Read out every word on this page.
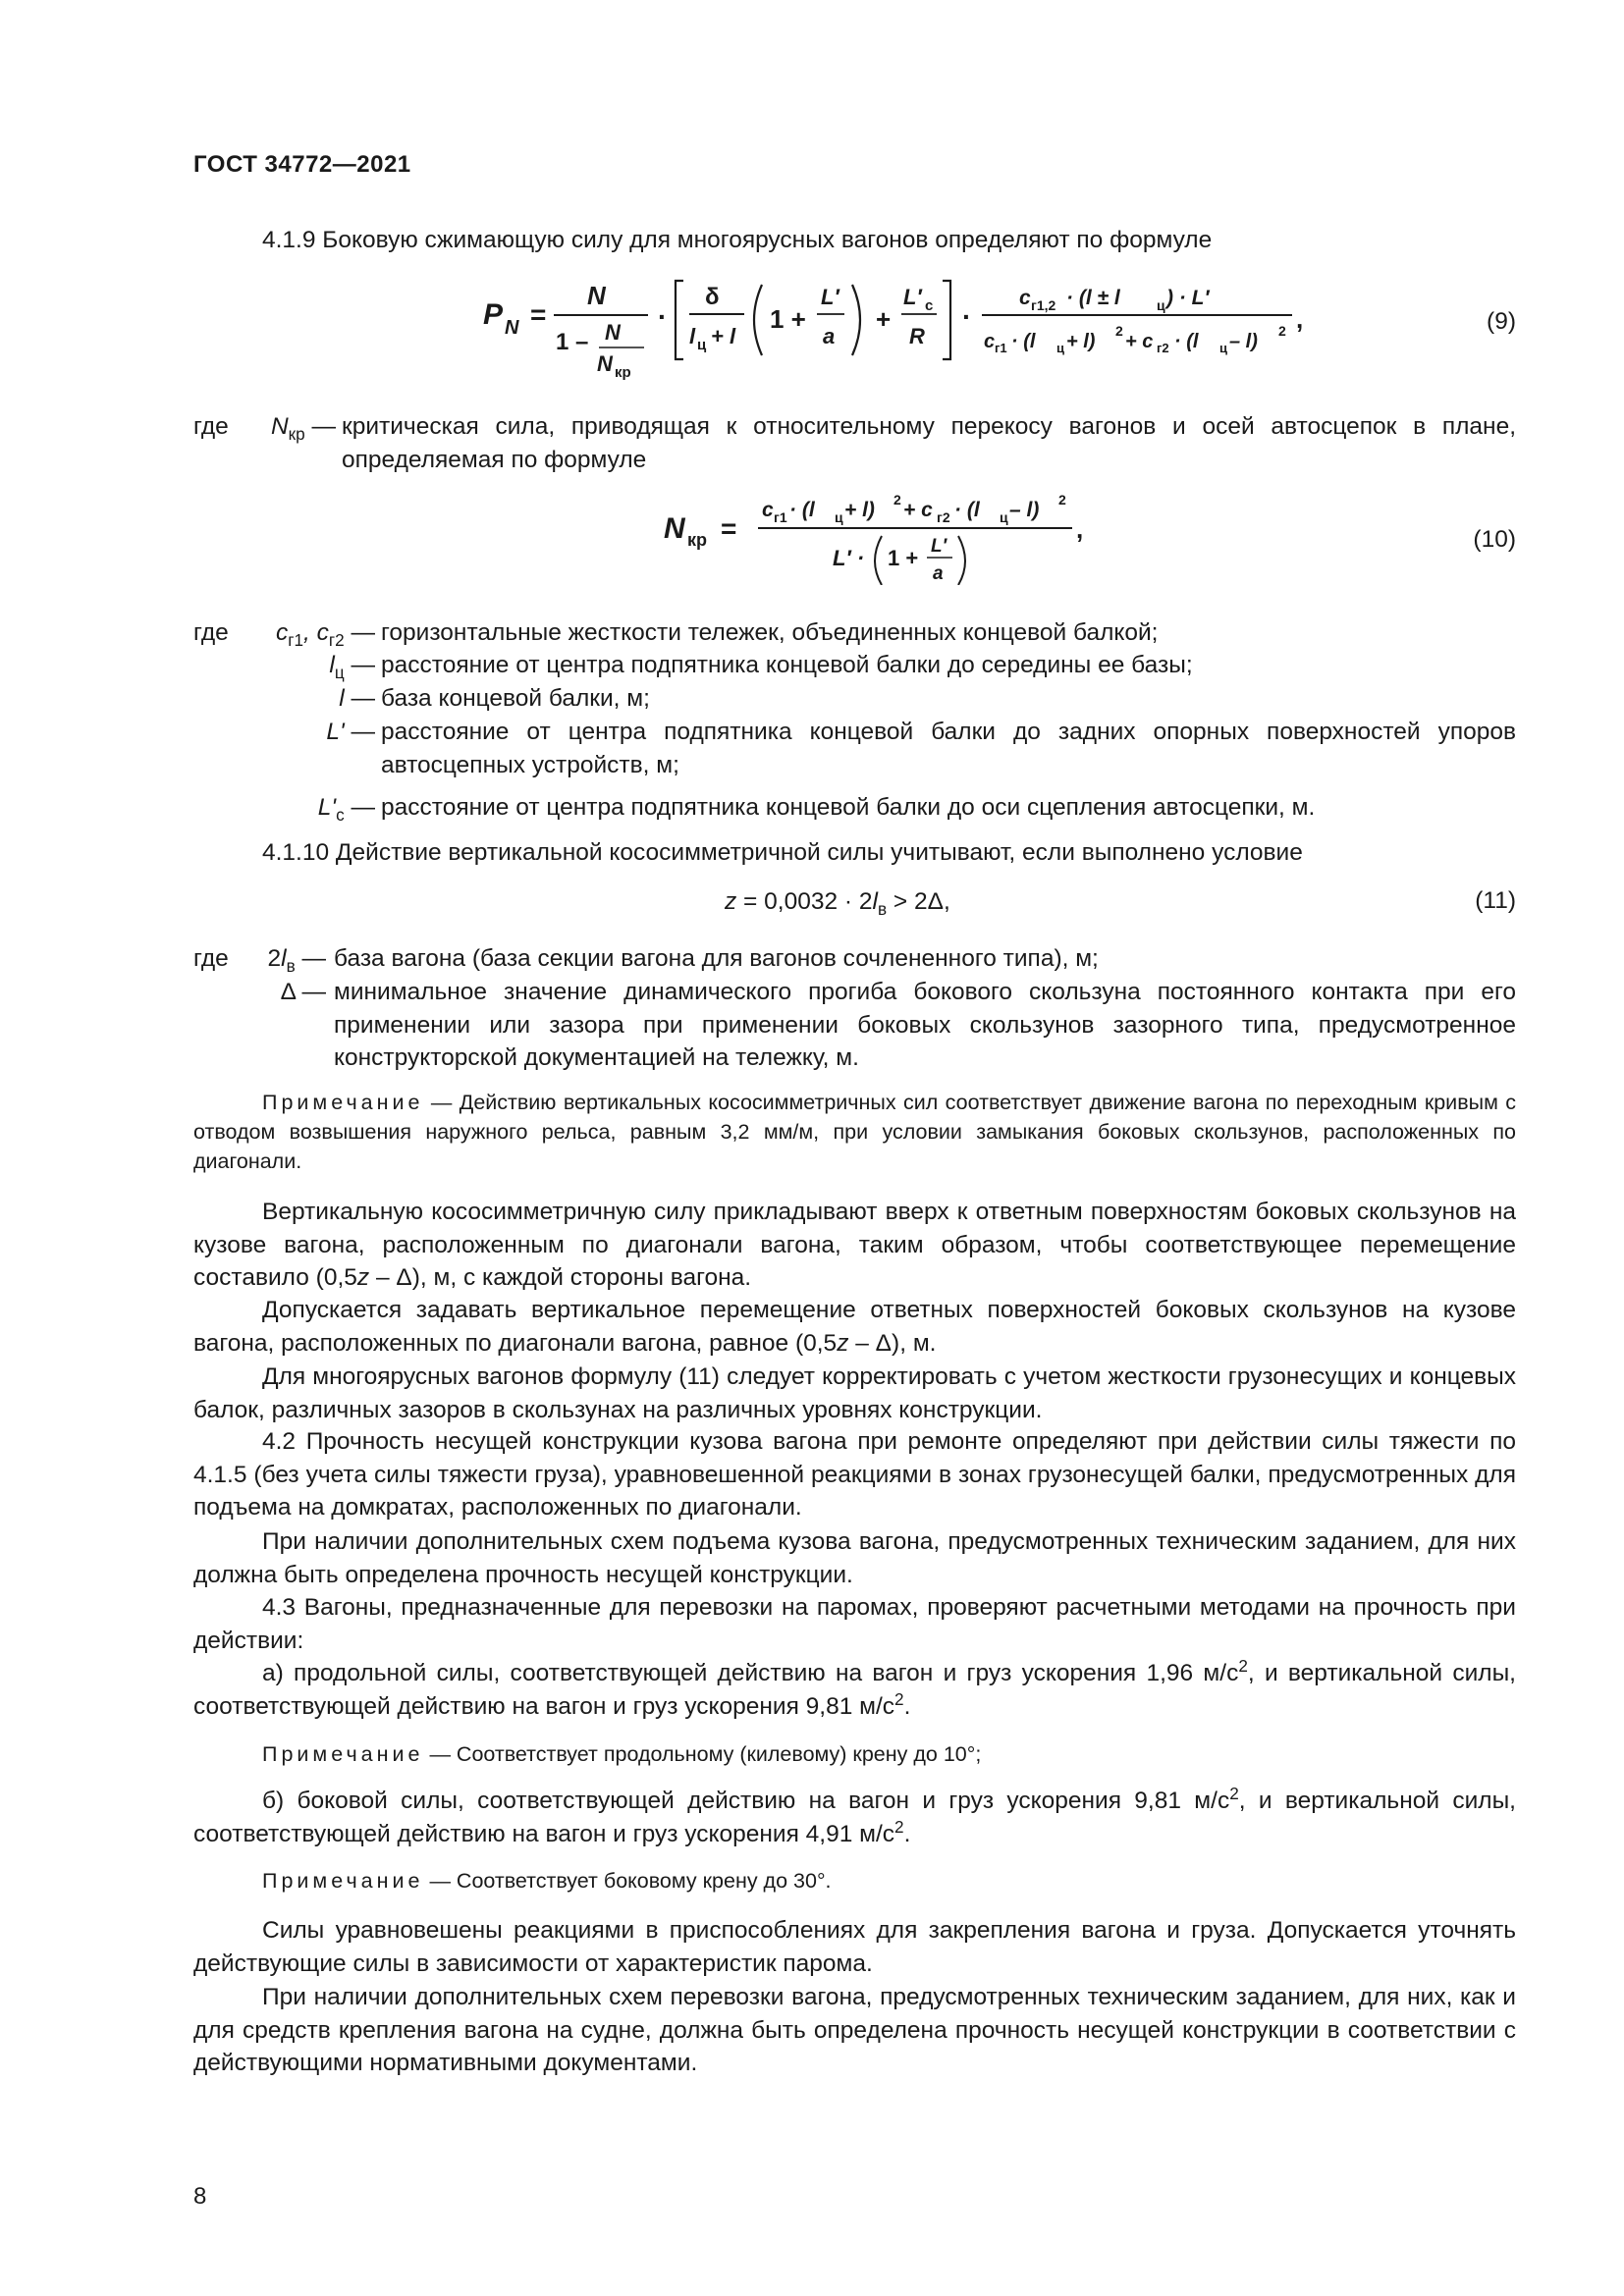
ГОСТ 34772—2021
4.1.9 Боковую сжимающую силу для многоярусных вагонов определяют по формуле
P N =
N
1 – N
N кр
·
δ
l ц + l
1 +
L′
a
+
L′ с
R
·
c г1,2 · (l ± l	ц ) · L′
c г1 · (l ц + l) 2 + c г2 · (l ц – l) 2 ,	(9)
где $N_{кр}$ — критическая сила, приводящая к относительному перекосу вагонов и осей автосцепок в плане, определяемая по формуле
N кр =
c г1 · (l ц + l) 2 + c г2 · (l ц – l) 2
L′ · 1 + L′
a
,	(10)
где $c_{г1}$, $c_{г2}$ — горизонтальные жесткости тележек, объединенных концевой балкой;
$l_ц$ — расстояние от центра подпятника концевой балки до середины ее базы;
l — база концевой балки, м;
L' — расстояние от центра подпятника концевой балки до задних опорных поверхностей упоров автосцепных устройств, м;
$L'_с$ — расстояние от центра подпятника концевой балки до оси сцепления автосцепки, м.
4.1.10 Действие вертикальной кососимметричной силы учитывают, если выполнено условие
$z = 0,0032 \cdot 2l_в > 2\Delta$,	(11)
где $2l_в$ — база вагона (база секции вагона для вагонов сочлененного типа), м;
Δ — минимальное значение динамического прогиба бокового скользуна постоянного контакта при его применении или зазора при применении боковых скользунов зазорного типа, предусмотренное конструкторской документацией на тележку, м.
Примечание — Действию вертикальных кососимметричных сил соответствует движение вагона по переходным кривым с отводом возвышения наружного рельса, равным 3,2 мм/м, при условии замыкания боковых скользунов, расположенных по диагонали.
Вертикальную кососимметричную силу прикладывают вверх к ответным поверхностям боковых скользунов на кузове вагона, расположенным по диагонали вагона, таким образом, чтобы соответствующее перемещение составило (0,5z – Δ), м, с каждой стороны вагона.
Допускается задавать вертикальное перемещение ответных поверхностей боковых скользунов на кузове вагона, расположенных по диагонали вагона, равное (0,5z – Δ), м.
Для многоярусных вагонов формулу (11) следует корректировать с учетом жесткости грузонесущих и концевых балок, различных зазоров в скользунах на различных уровнях конструкции.
4.2 Прочность несущей конструкции кузова вагона при ремонте определяют при действии силы тяжести по 4.1.5 (без учета силы тяжести груза), уравновешенной реакциями в зонах грузонесущей балки, предусмотренных для подъема на домкратах, расположенных по диагонали.
При наличии дополнительных схем подъема кузова вагона, предусмотренных техническим заданием, для них должна быть определена прочность несущей конструкции.
4.3 Вагоны, предназначенные для перевозки на паромах, проверяют расчетными методами на прочность при действии:
а) продольной силы, соответствующей действию на вагон и груз ускорения 1,96 $м/с^2$, и вертикальной силы, соответствующей действию на вагон и груз ускорения 9,81 $м/с^2$.
Примечание — Соответствует продольному (килевому) крену до 10°;
б) боковой силы, соответствующей действию на вагон и груз ускорения 9,81 $м/с^2$, и вертикальной силы, соответствующей действию на вагон и груз ускорения 4,91 $м/с^2$.
Примечание — Соответствует боковому крену до 30°.
Силы уравновешены реакциями в приспособлениях для закрепления вагона и груза. Допускается уточнять действующие силы в зависимости от характеристик парома.
При наличии дополнительных схем перевозки вагона, предусмотренных техническим заданием, для них, как и для средств крепления вагона на судне, должна быть определена прочность несущей конструкции в соответствии с действующими нормативными документами.
8
